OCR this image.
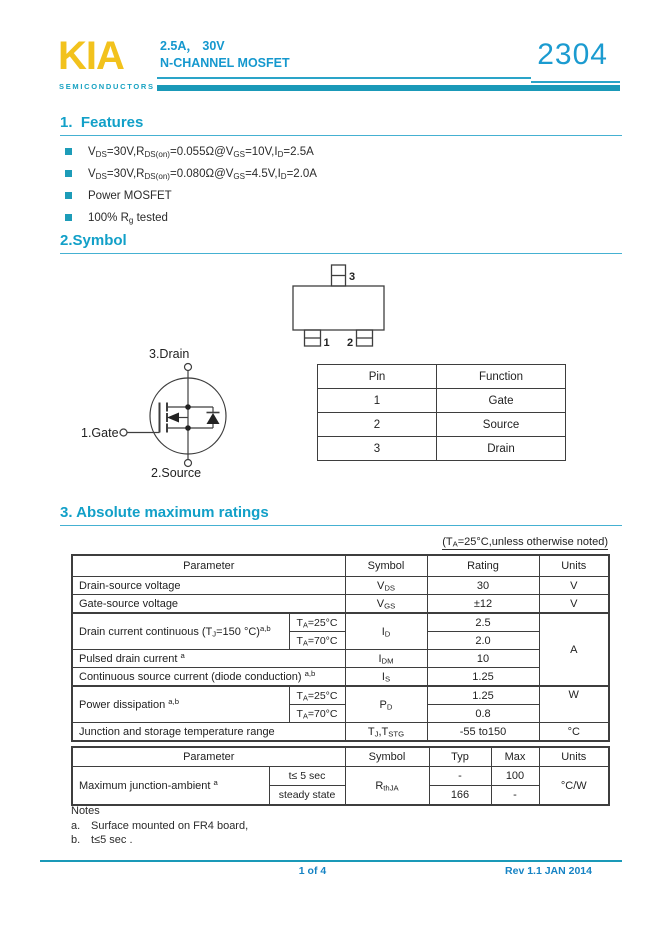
KIA
SEMICONDUCTORS
2.5A， 30V
N-CHANNEL MOSFET	2304
1.  Features
$V_{DS}=30V,R_{DS(on)}=0.055\Omega@V_{GS}=10V,I_D=2.5A$
$V_{DS}=30V,R_{DS(on)}=0.080\Omega@V_{GS}=4.5V,I_D=2.0A$
Power MOSFET
100% $R_g$ tested
2.Symbol
3
1 2
3.Drain
1.Gate
2.Source
Pin	Function
1	Gate
2	Source
3	Drain
3. Absolute maximum ratings
($T_A=25^\circ C,unless$ otherwise noted)
Parameter		Symbol	Rating	Units
Drain-source voltage		$V_{DS}$	30	V
Gate-source voltage		$V_{GS}$	±12	V
Drain current continuous ($T_J=150$ °C)$^{a,b}$	$T_A=25^\circ C$	$I_D$	2.5	A
	$T_A=70^\circ C$		2.0	
Pulsed drain current $^a$		$I_{DM}$	10	
Continuous source current (diode conduction) $^{a,b}$		$I_S$	1.25	
Power dissipation $^{a,b}$	$T_A=25^\circ C$	$P_D$	1.25	W
	$T_A=70^\circ C$		0.8	
Junction and storage temperature range		$T_J,T_{STG}$	-55 to150	°C
Parameter		Symbol	Typ	Max	Units
Maximum junction-ambient $^a$	t≤ 5 sec	$R_{thJA}$	-	100	°C/W
	steady state		166	-	
Notes
a. Surface mounted on FR4 board,
b. t≤5 sec .
1 of 4	Rev 1.1 JAN 2014
